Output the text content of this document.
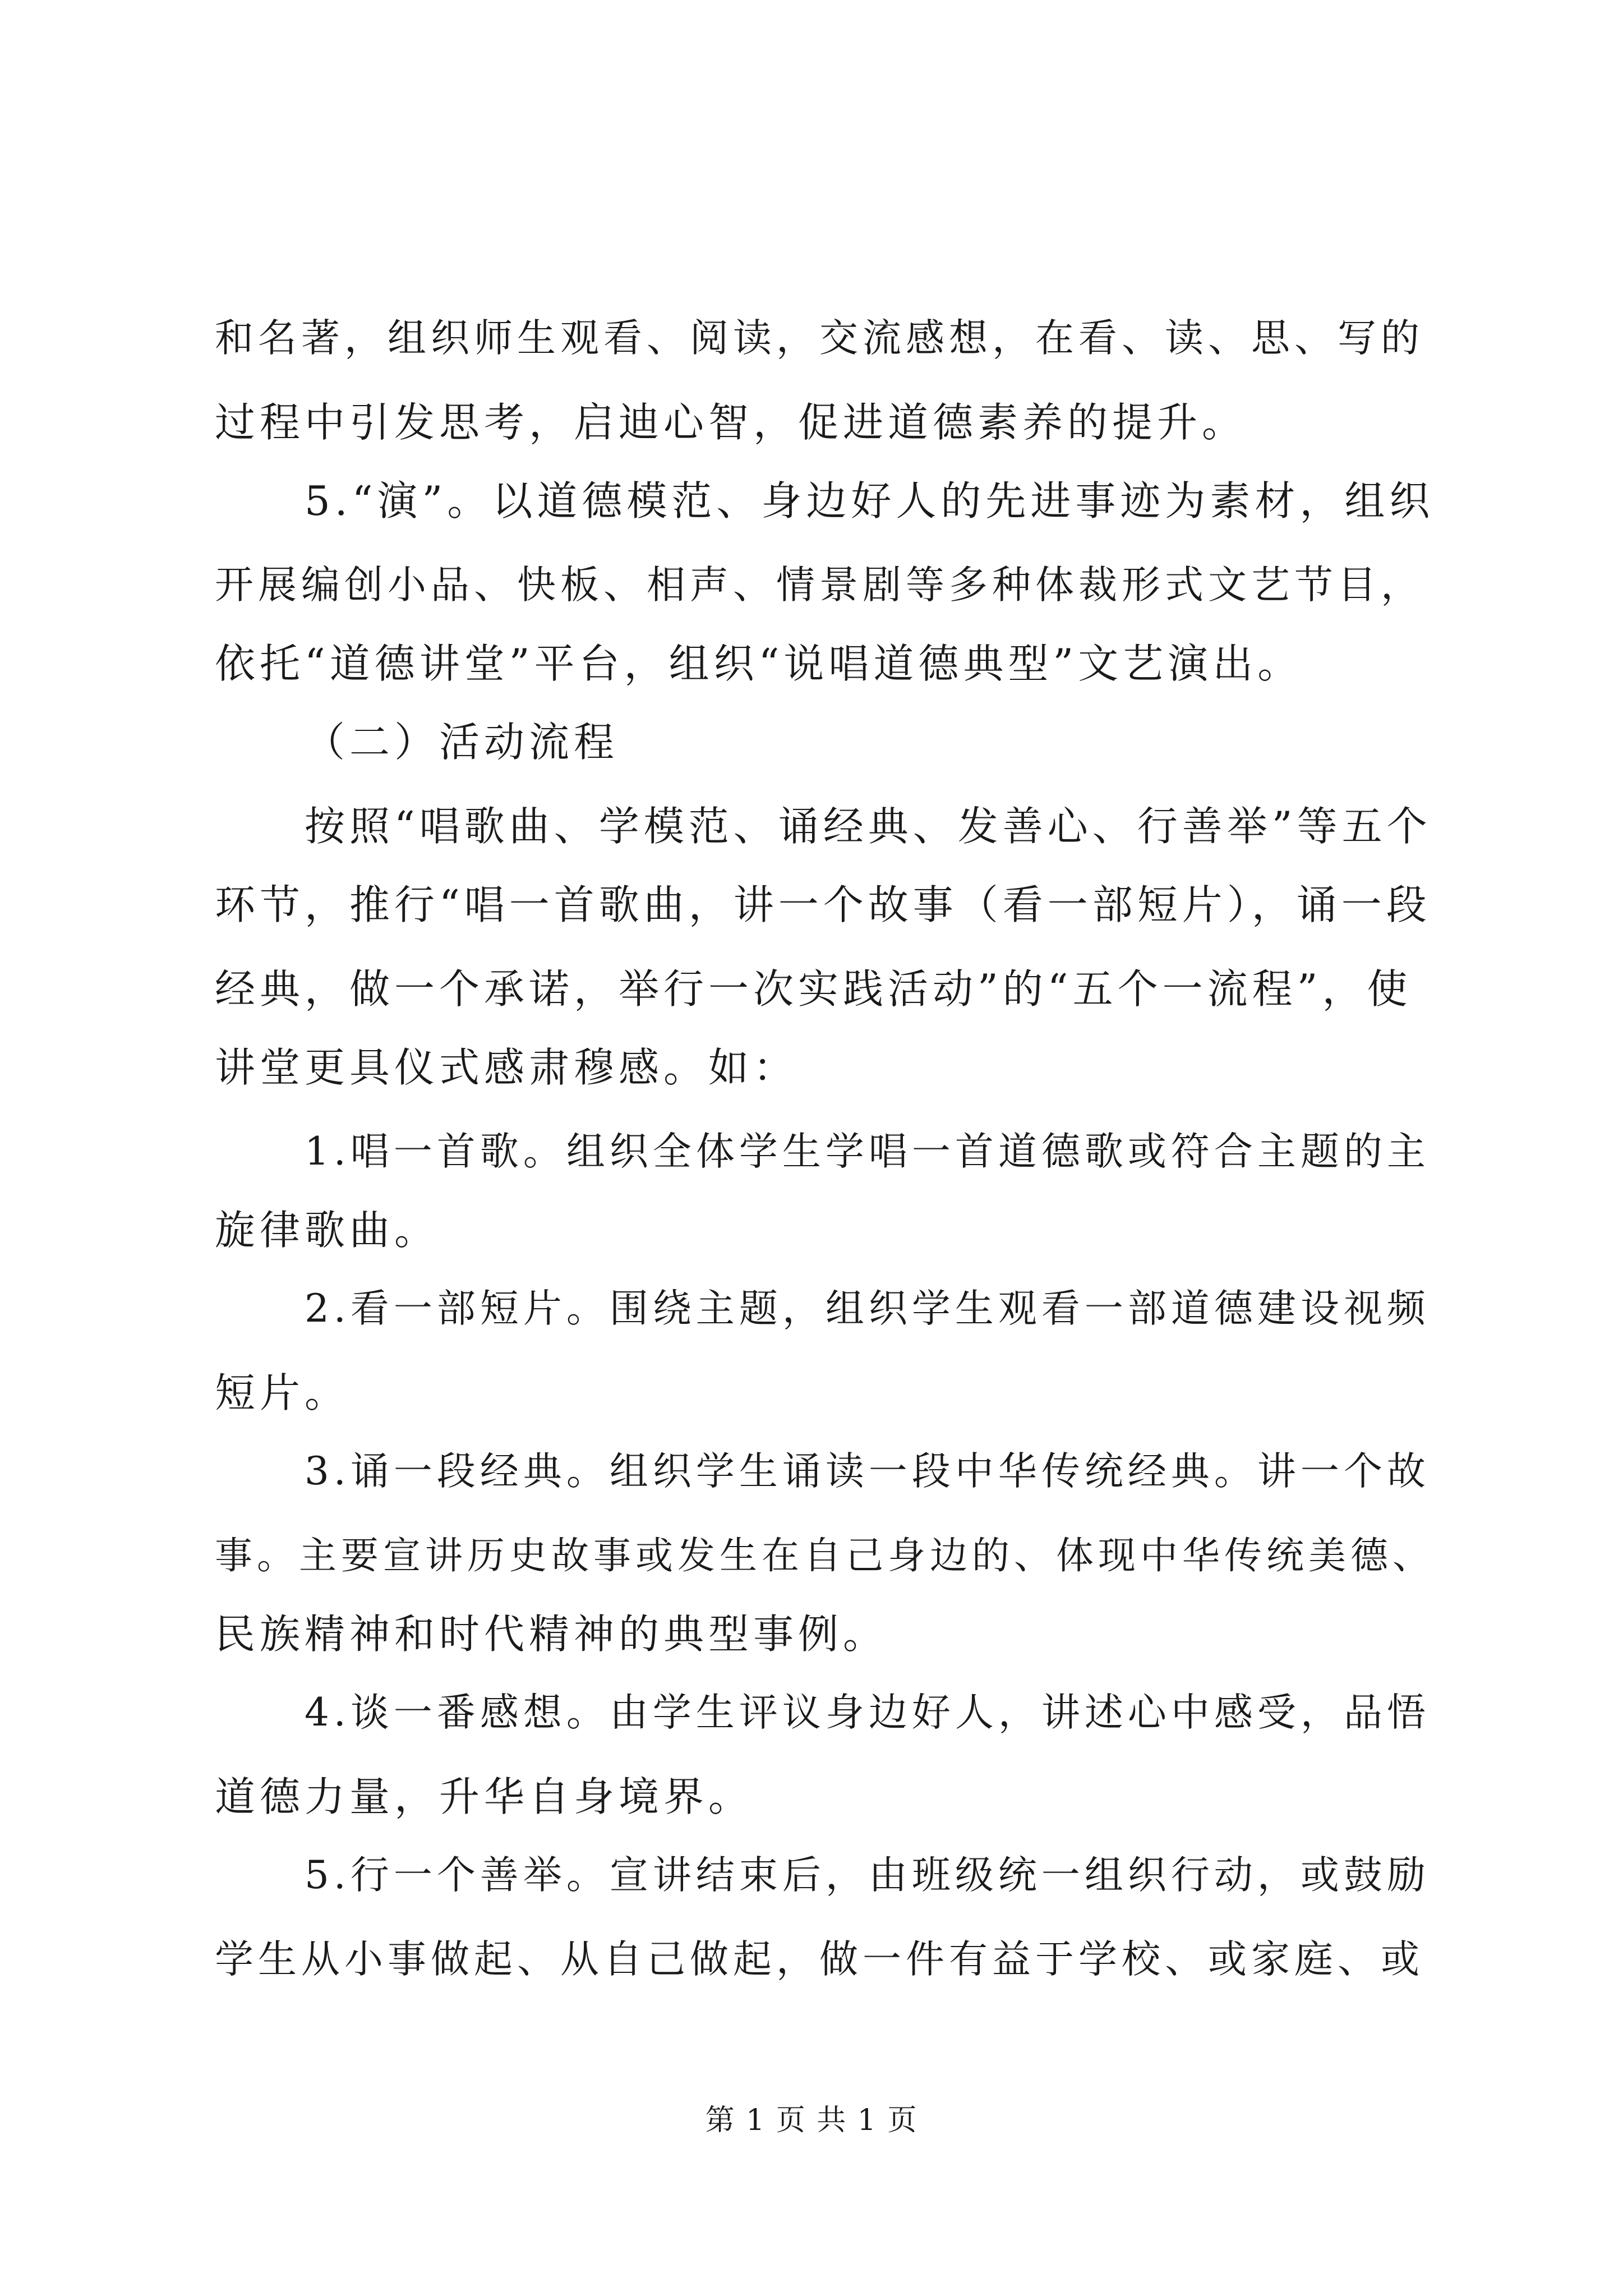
和名著，组织师生观看、阅读，交流感想，在看、读、思、写的
过程中引发思考，启迪心智，促进道德素养的提升。
5.“演”。以道德模范、身边好人的先进事迹为素材，组织
开展编创小品、快板、相声、情景剧等多种体裁形式文艺节目，
依托“道德讲堂”平台，组织“说唱道德典型”文艺演出。
（二）活动流程
按照“唱歌曲、学模范、诵经典、发善心、行善举”等五个
环节，推行“唱一首歌曲，讲一个故事（看一部短片），诵一段
经典，做一个承诺，举行一次实践活动”的“五个一流程”，使
讲堂更具仪式感肃穆感。如：
1.唱一首歌。组织全体学生学唱一首道德歌或符合主题的主
旋律歌曲。
2.看一部短片。围绕主题，组织学生观看一部道德建设视频
短片。
3.诵一段经典。组织学生诵读一段中华传统经典。讲一个故
事。主要宣讲历史故事或发生在自己身边的、体现中华传统美德、
民族精神和时代精神的典型事例。
4.谈一番感想。由学生评议身边好人，讲述心中感受，品悟
道德力量，升华自身境界。
5.行一个善举。宣讲结束后，由班级统一组织行动，或鼓励
学生从小事做起、从自己做起，做一件有益于学校、或家庭、或
第 1 页 共 1 页
